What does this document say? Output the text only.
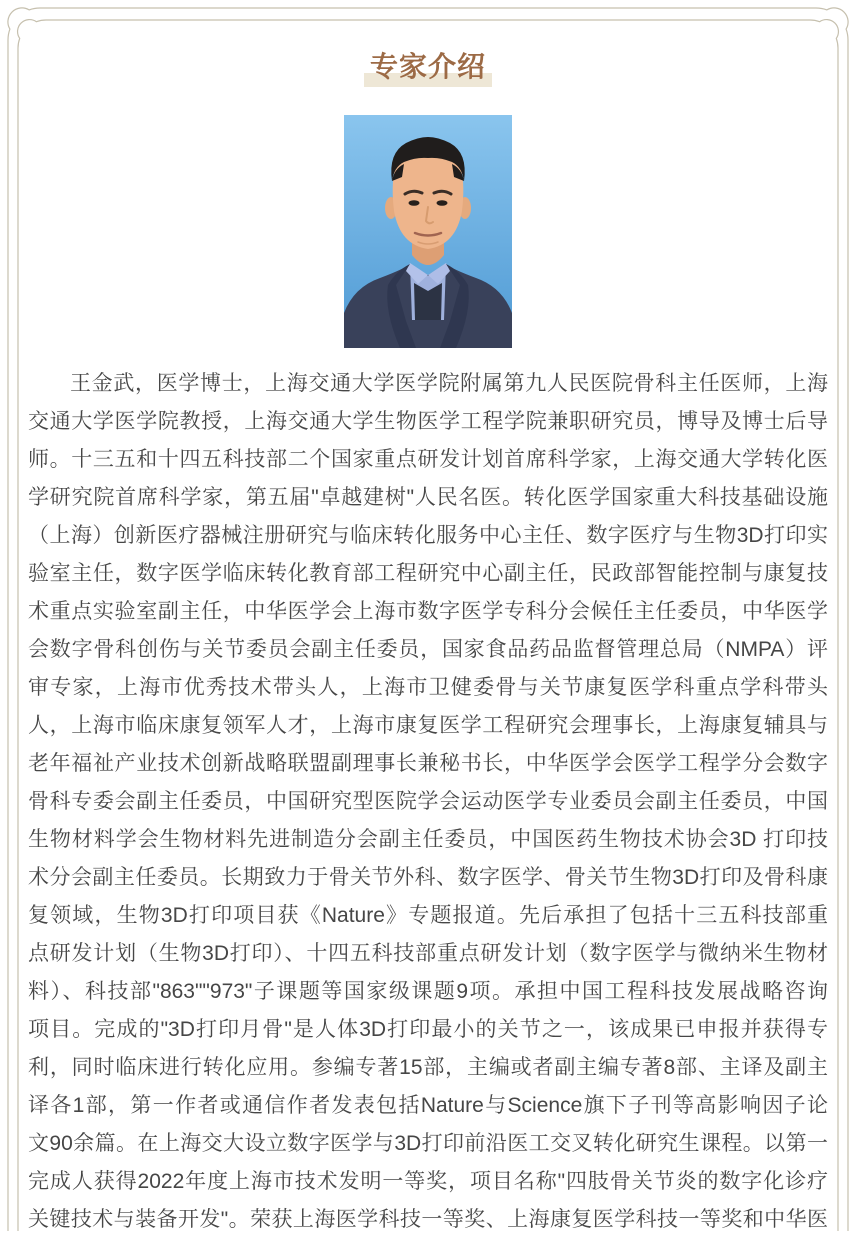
专家介绍
王金武，医学博士，上海交通大学医学院附属第九人民医院骨科主任医师，上海
交通大学医学院教授，上海交通大学生物医学工程学院兼职研究员，博导及博士后导
师。十三五和十四五科技部二个国家重点研发计划首席科学家，上海交通大学转化医
学研究院首席科学家，第五届"卓越建树"人民名医。转化医学国家重大科技基础设施
（上海）创新医疗器械注册研究与临床转化服务中心主任、数字医疗与生物3D打印实
验室主任，数字医学临床转化教育部工程研究中心副主任，民政部智能控制与康复技
术重点实验室副主任，中华医学会上海市数字医学专科分会候任主任委员，中华医学
会数字骨科创伤与关节委员会副主任委员，国家食品药品监督管理总局（NMPA）评
审专家，上海市优秀技术带头人，上海市卫健委骨与关节康复医学科重点学科带头
人，上海市临床康复领军人才，上海市康复医学工程研究会理事长，上海康复辅具与
老年福祉产业技术创新战略联盟副理事长兼秘书长，中华医学会医学工程学分会数字
骨科专委会副主任委员，中国研究型医院学会运动医学专业委员会副主任委员，中国
生物材料学会生物材料先进制造分会副主任委员，中国医药生物技术协会3D 打印技
术分会副主任委员。长期致力于骨关节外科、数字医学、骨关节生物3D打印及骨科康
复领域，生物3D打印项目获《Nature》专题报道。先后承担了包括十三五科技部重
点研发计划（生物3D打印）、十四五科技部重点研发计划（数字医学与微纳米生物材
料）、科技部"863""973"子课题等国家级课题9项。承担中国工程科技发展战略咨询
项目。完成的"3D打印月骨"是人体3D打印最小的关节之一，该成果已申报并获得专
利，同时临床进行转化应用。参编专著15部，主编或者副主编专著8部、主译及副主
译各1部，第一作者或通信作者发表包括Nature与Science旗下子刊等高影响因子论
文90余篇。在上海交大设立数字医学与3D打印前沿医工交叉转化研究生课程。以第一
完成人获得2022年度上海市技术发明一等奖，项目名称"四肢骨关节炎的数字化诊疗
关键技术与装备开发"。荣获上海医学科技一等奖、上海康复医学科技一等奖和中华医
